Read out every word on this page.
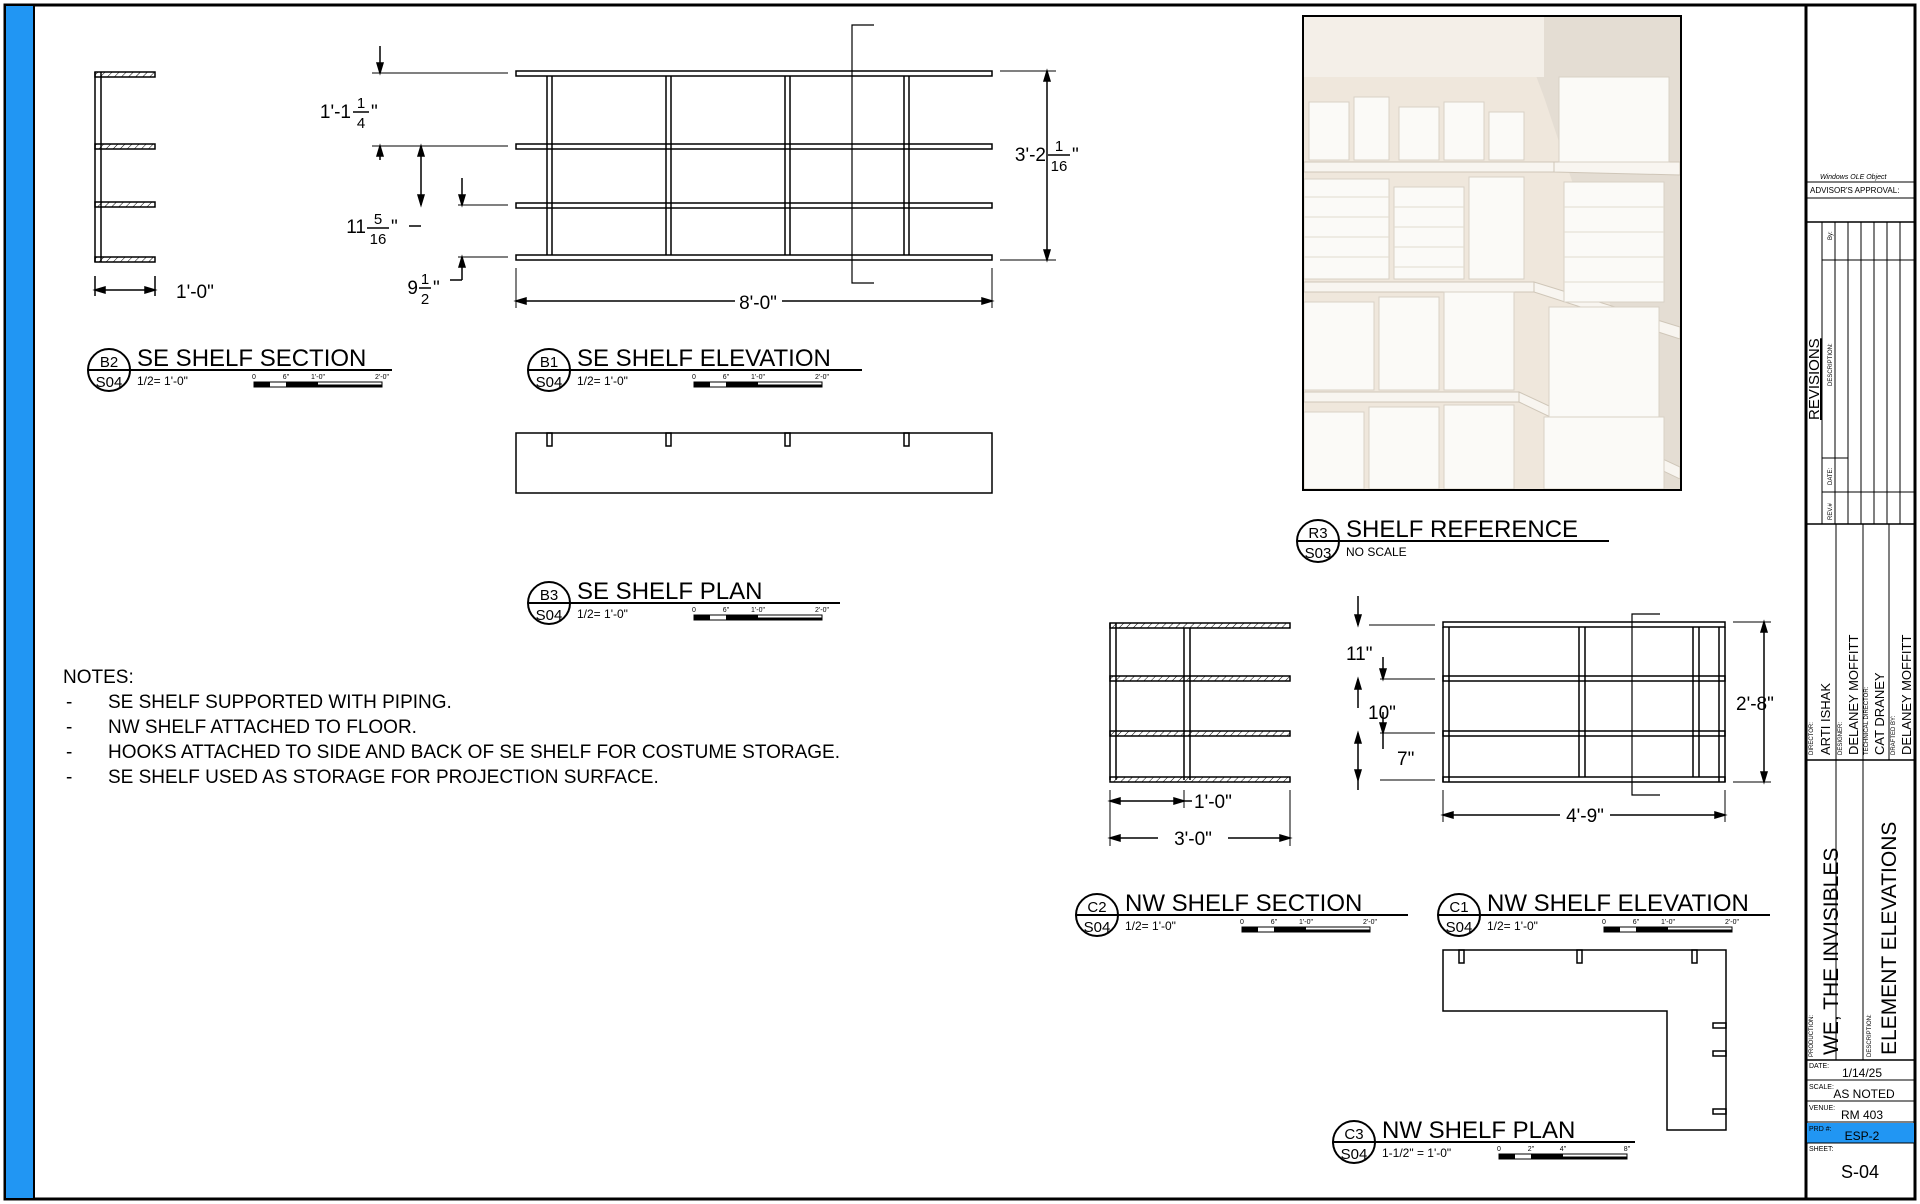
1'-0"
1'-1 1
4
"
11 5
16
"
9 1
2
"
3'-2 1
16
"
8'-0"
1'-0"
3'-0"
11"
10"
7"
2'-8"
4'-9"
NOTES:
- SE SHELF SUPPORTED WITH PIPING.
- NW SHELF ATTACHED TO FLOOR.
- HOOKS ATTACHED TO SIDE AND BACK OF SE SHELF FOR COSTUME STORAGE.
- SE SHELF USED AS STORAGE FOR PROJECTION SURFACE.
B2
S04
SE SHELF SECTION
1/2= 1'-0"	0	6"	1'-0"	2'-0"
B1
S04
SE SHELF ELEVATION
1/2= 1'-0"	0	6"	1'-0"	2'-0"
B3
S04
SE SHELF PLAN
1/2= 1'-0"	0	6"	1'-0"	2'-0"
R3
S03
SHELF REFERENCE
NO SCALE
C2
S04
NW SHELF SECTION
1/2= 1'-0"	0	6"	1'-0"	2'-0"
C1
S04
NW SHELF ELEVATION
1/2= 1'-0"	0	6"	1'-0"	2'-0"
C3
S04
NW SHELF PLAN
1-1/2" = 1'-0"	0	2"	4"	8"
Windows OLE Object
ADVISOR'S APPROVAL:
REVISIONS DESCRIPTION:
By:
DATE:
REV.#
DIRECTOR: ARTI ISHAK DESIGNER: DELANEY MOFFITT TECHNICAL DIRECTOR: CAT DRANEY DRAFTED BY: DELANEY MOFFITT
PRODUCTION: WE, THE INVISIBLES	DESCRIPTION: ELEMENT ELEVATIONS
DATE: 1/14/25
SCALE: AS NOTED
VENUE: RM 403
PRD #: ESP-2
SHEET:
S-04
